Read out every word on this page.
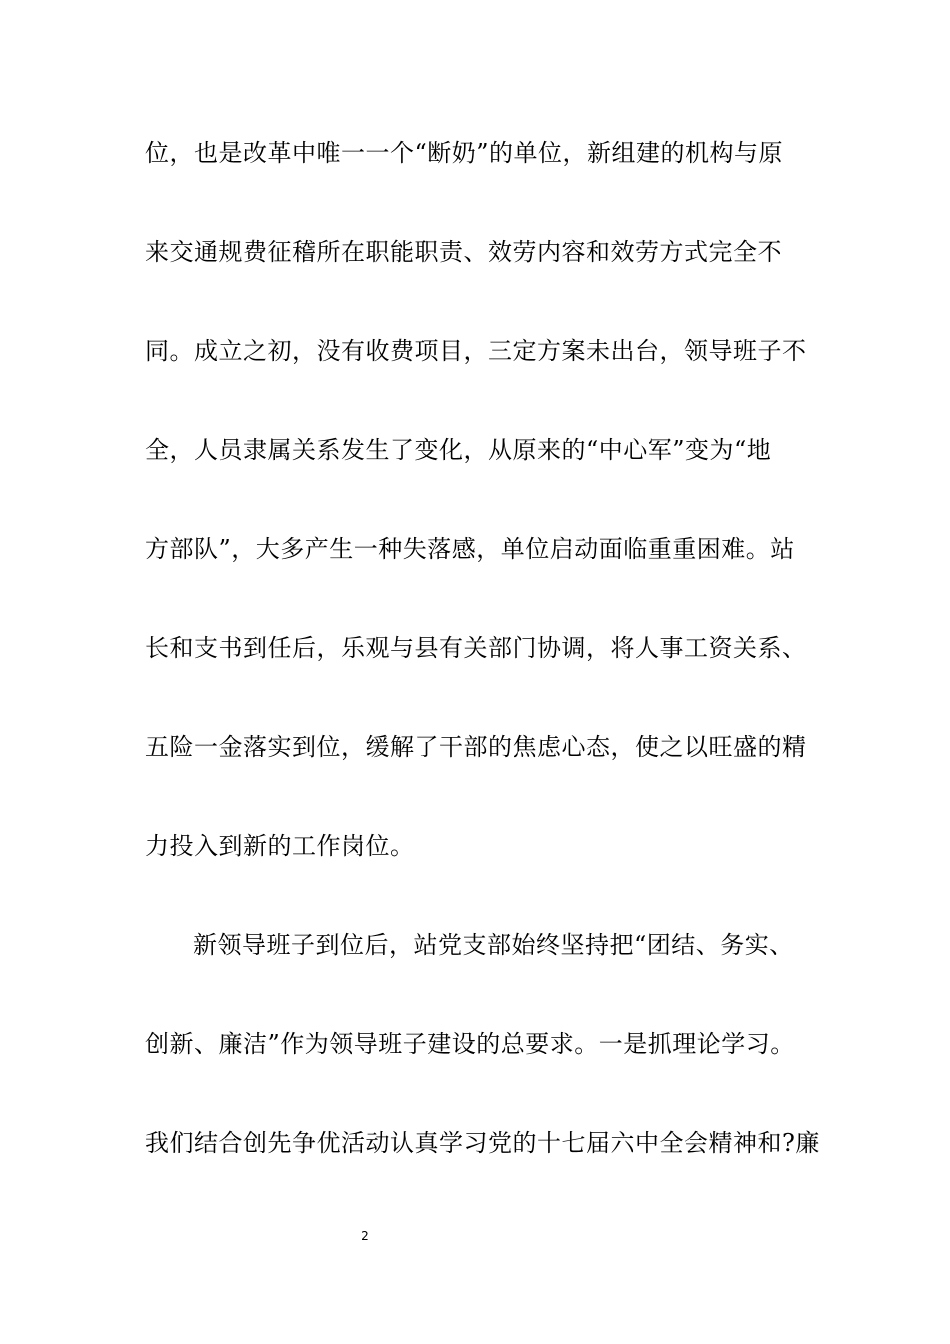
位，也是改革中唯一一个“断奶”的单位，新组建的机构与原
来交通规费征稽所在职能职责、效劳内容和效劳方式完全不
同。成立之初，没有收费项目，三定方案未出台，领导班子不
全，人员隶属关系发生了变化，从原来的“中心军”变为“地
方部队”，大多产生一种失落感，单位启动面临重重困难。站
长和支书到任后，乐观与县有关部门协调，将人事工资关系、
五险一金落实到位，缓解了干部的焦虑心态，使之以旺盛的精
力投入到新的工作岗位。
新领导班子到位后，站党支部始终坚持把“团结、务实、
创新、廉洁”作为领导班子建设的总要求。一是抓理论学习。
我们结合创先争优活动认真学习党的十七届六中全会精神和?廉
2
